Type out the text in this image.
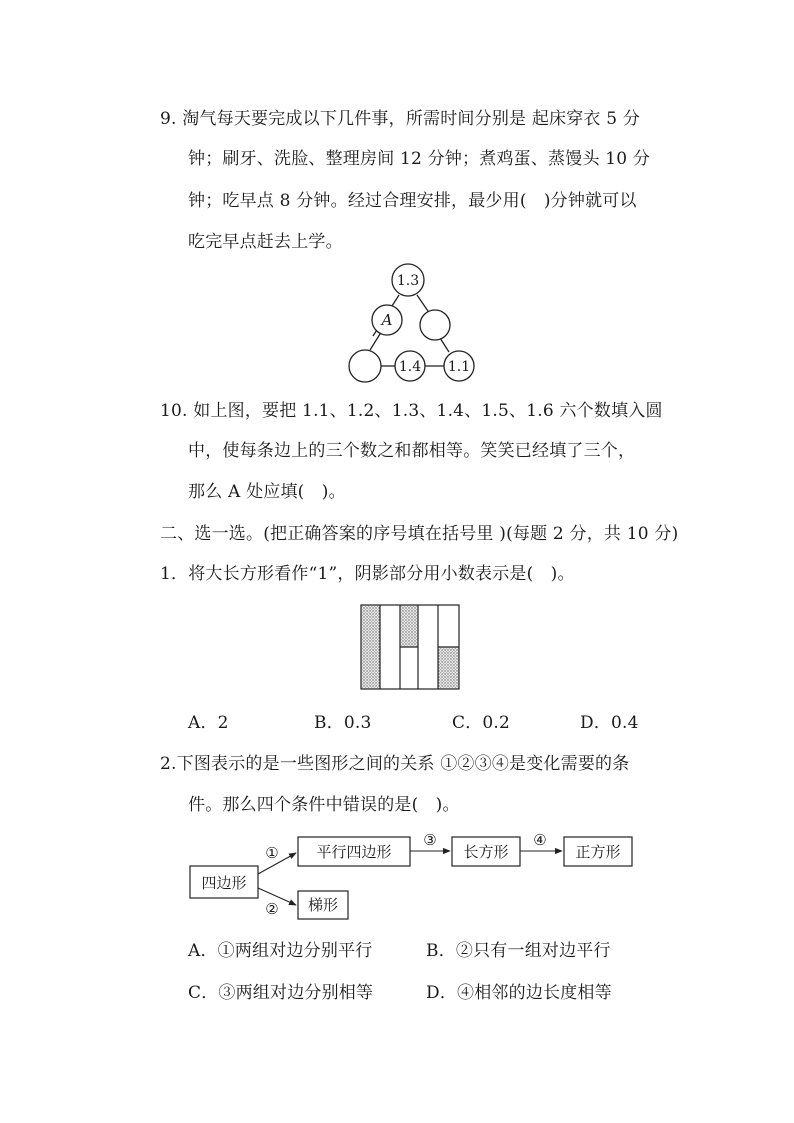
9. 淘气每天要完成以下几件事，所需时间分别是 起床穿衣 5 分
钟；刷牙、洗脸、整理房间 12 分钟；煮鸡蛋、蒸馒头 10 分
钟；吃早点 8 分钟。经过合理安排，最少用(　)分钟就可以
吃完早点赶去上学。
1.3
A
1.4 1.1
10. 如上图，要把 1.1、1.2、1.3、1.4、1.5、1.6 六个数填入圆
中，使每条边上的三个数之和都相等。笑笑已经填了三个，
那么 A 处应填(　)。
二、选一选。(把正确答案的序号填在括号里 )(每题 2 分，共 10 分)
1．将大长方形看作“1”，阴影部分用小数表示是(　)。
A．2	B．0.3	C．0.2	D．0.4
2.下图表示的是一些图形之间的关系 ①②③④是变化需要的条
件。那么四个条件中错误的是(　)。
四边形
平行四边形	长方形	正方形
梯形
①
②
③	④
A．①两组对边分别平行	B．②只有一组对边平行
C．③两组对边分别相等	D．④相邻的边长度相等
